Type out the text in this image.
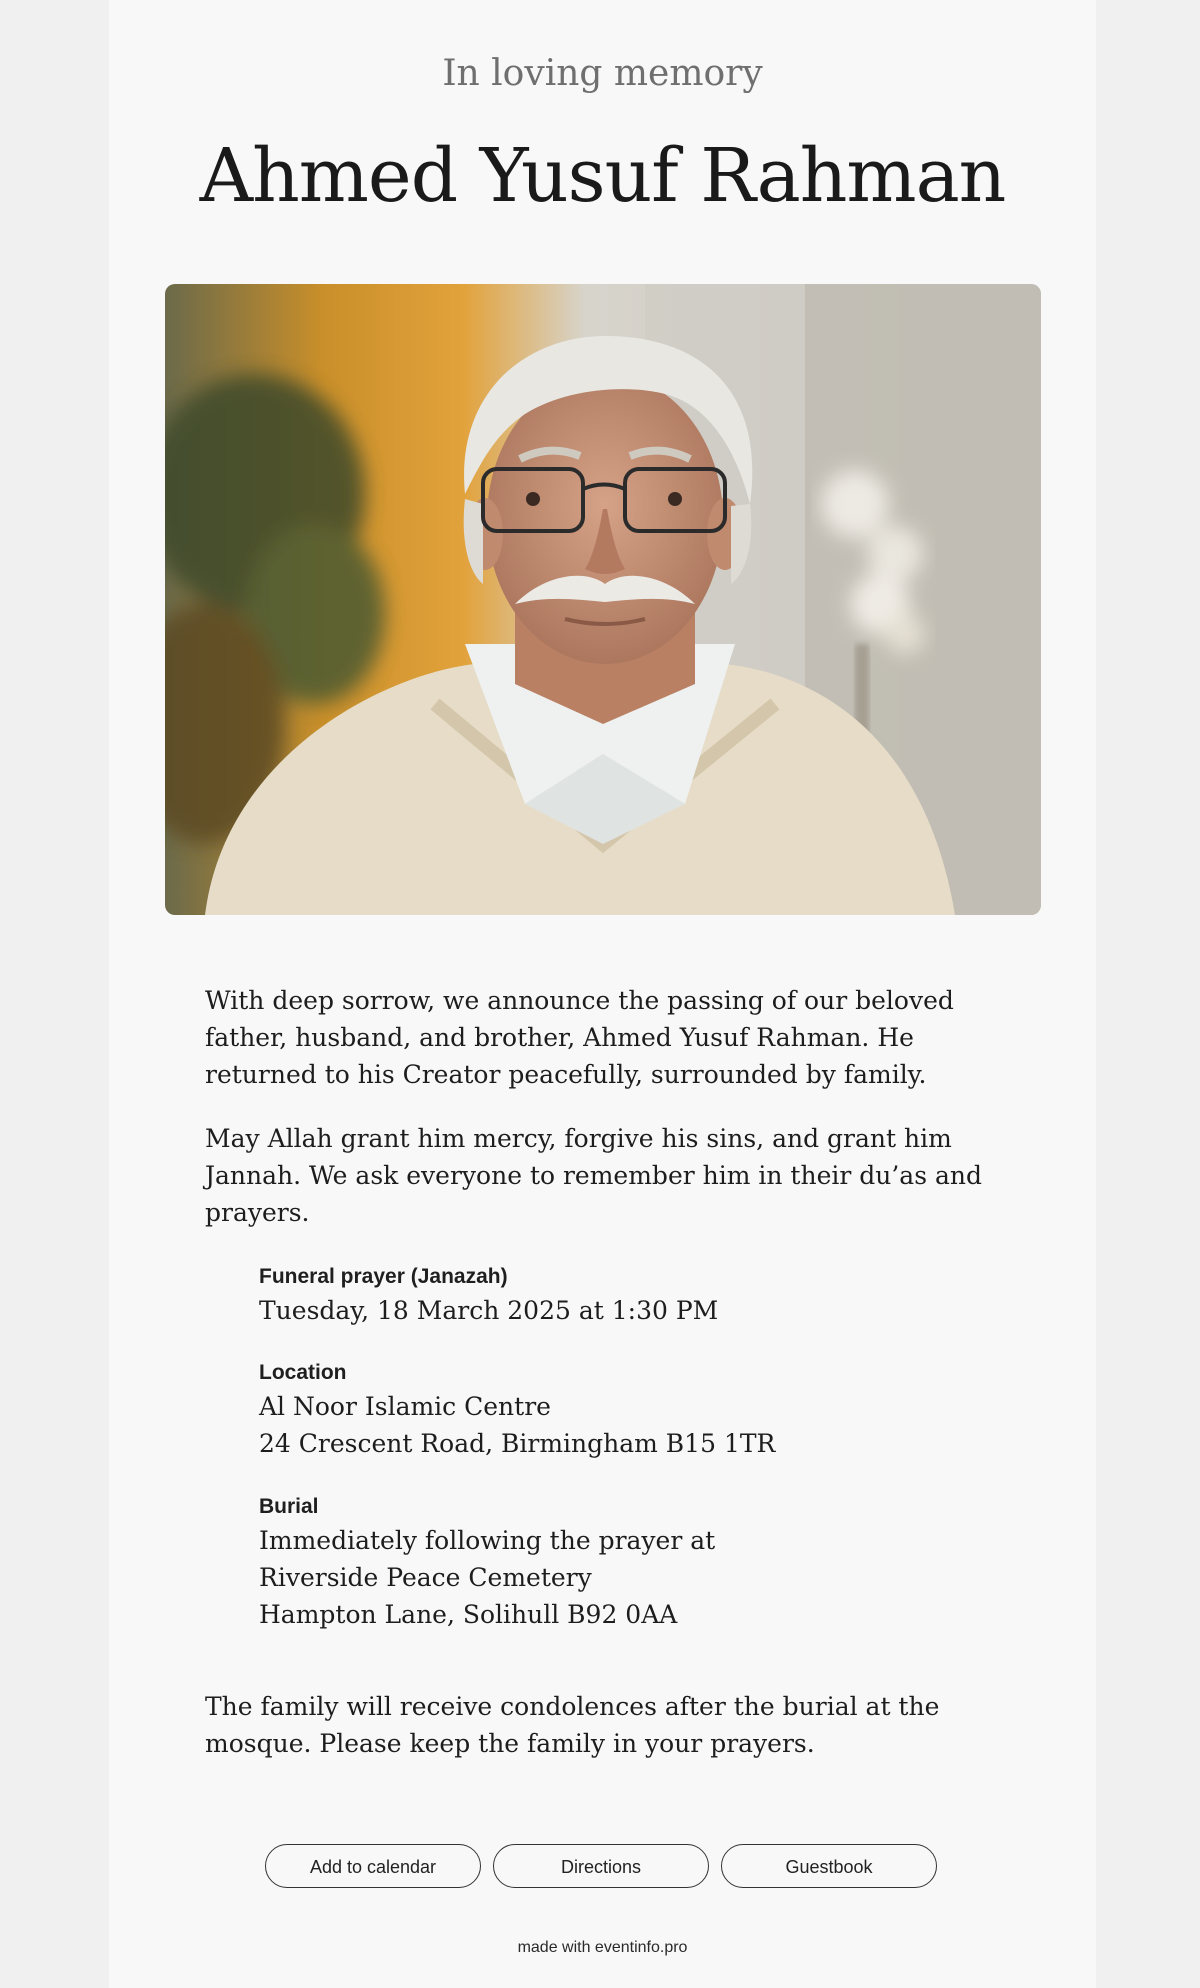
In loving memory
Ahmed Yusuf Rahman
With deep sorrow, we announce the passing of our beloved father, husband, and brother, Ahmed Yusuf Rahman. He returned to his Creator peacefully, surrounded by family.
May Allah grant him mercy, forgive his sins, and grant him Jannah. We ask everyone to remember him in their du’as and prayers.
Funeral prayer (Janazah)
Tuesday, 18 March 2025 at 1:30 PM
Location
Al Noor Islamic Centre
24 Crescent Road, Birmingham B15 1TR
Burial
Immediately following the prayer at
Riverside Peace Cemetery
Hampton Lane, Solihull B92 0AA
The family will receive condolences after the burial at the mosque. Please keep the family in your prayers.
Add to calendar	Directions	Guestbook
made with eventinfo.pro
